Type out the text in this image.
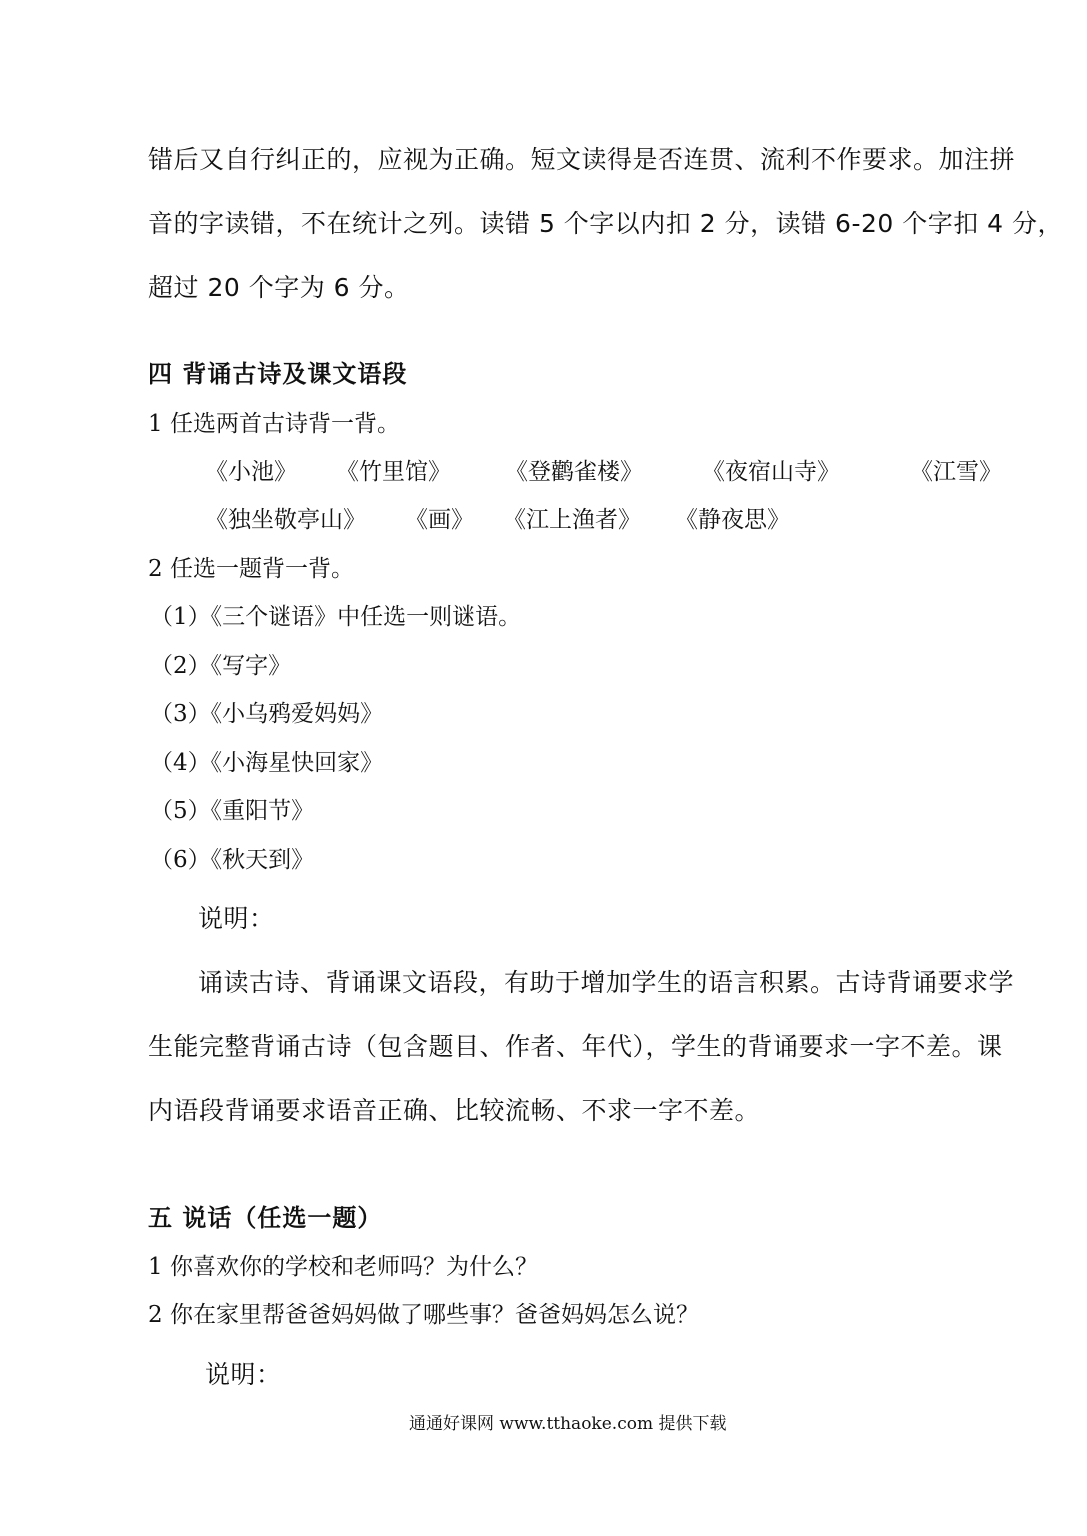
错后又自行纠正的，应视为正确。短文读得是否连贯、流利不作要求。加注拼

音的字读错，不在统计之列。读错 5 个字以内扣 2 分，读错 6-20 个字扣 4 分，

超过 20 个字为 6 分。

四 背诵古诗及课文语段

1 任选两首古诗背一背。

《小池》 《竹里馆》 《登鹳雀楼》	《夜宿山寺》	《江雪》

《独坐敬亭山》 《画》 《江上渔者》 《静夜思》

2 任选一题背一背。

（1）《三个谜语》中任选一则谜语。

（2）《写字》

（3）《小乌鸦爱妈妈》

（4）《小海星快回家》

（5）《重阳节》

（6）《秋天到》

说明：

诵读古诗、背诵课文语段，有助于增加学生的语言积累。古诗背诵要求学

生能完整背诵古诗（包含题目、作者、年代），学生的背诵要求一字不差。课

内语段背诵要求语音正确、比较流畅、不求一字不差。

五 说话（任选一题）

1 你喜欢你的学校和老师吗？为什么？

2 你在家里帮爸爸妈妈做了哪些事？爸爸妈妈怎么说？

说明：

通通好课网 www.tthaoke.com 提供下载
